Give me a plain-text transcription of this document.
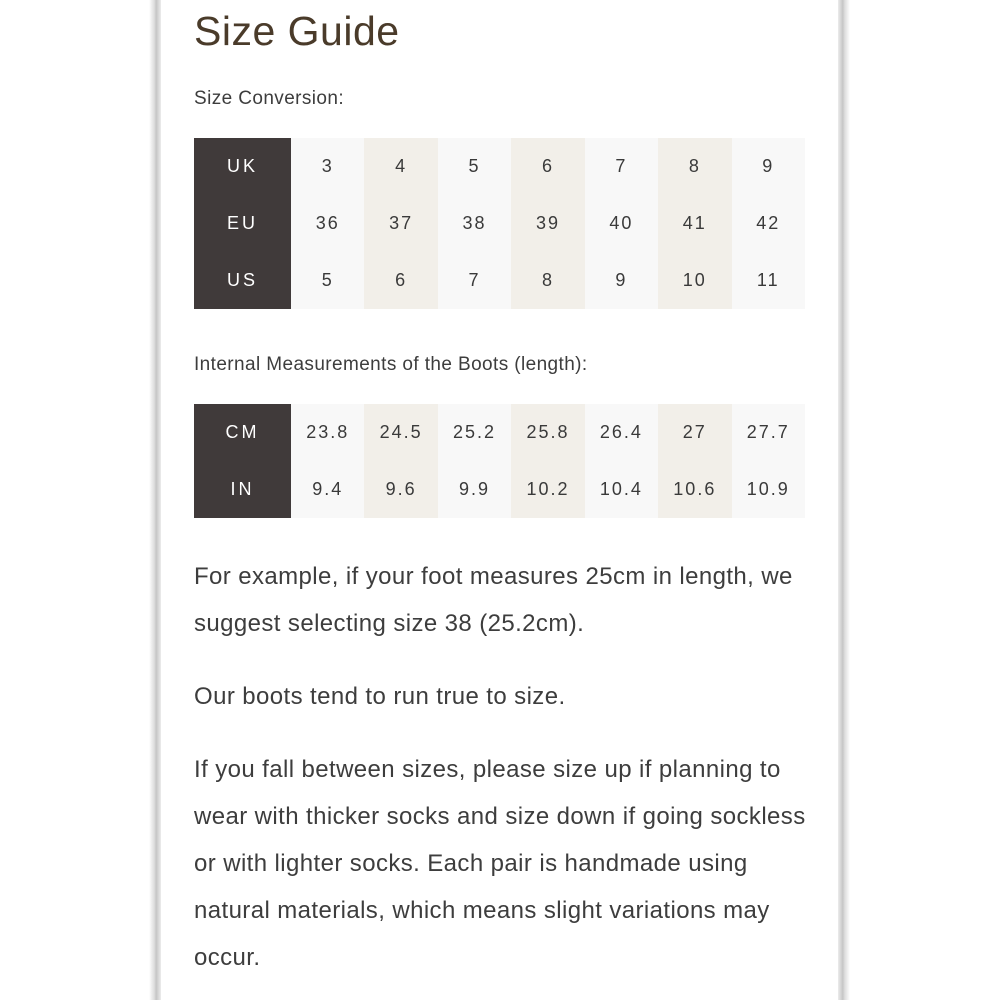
Size Guide
Size Conversion:
UK	3	4	5	6	7	8	9
EU	36	37	38	39	40	41	42
US	5	6	7	8	9	10	11
Internal Measurements of the Boots (length):
CM	23.8	24.5	25.2	25.8	26.4	27	27.7
IN	9.4	9.6	9.9	10.2	10.4	10.6	10.9

For example, if your foot measures 25cm in length, we suggest selecting size 38 (25.2cm).

Our boots tend to run true to size.

If you fall between sizes, please size up if planning to wear with thicker socks and size down if going sockless or with lighter socks. Each pair is handmade using natural materials, which means slight variations may occur.
